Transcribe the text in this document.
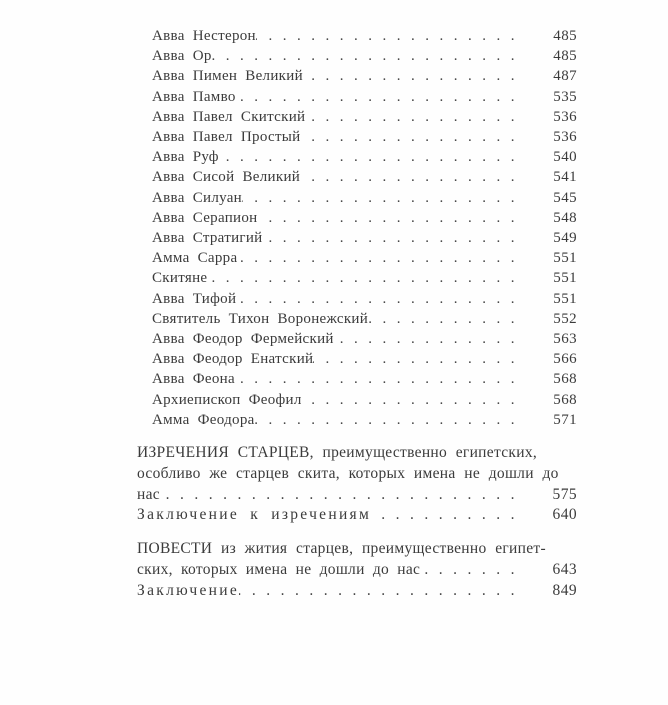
Авва Нестерон .....	485
Авва Ор .....	485
Авва Пимен Великий .....	487
Авва Памво .....	535
Авва Павел Скитский .....	536
Авва Павел Простый .....	536
Авва Руф .....	540
Авва Сисой Великий .....	541
Авва Силуан .....	545
Авва Серапион .....	548
Авва Стратигий .....	549
Амма Сарра .....	551
Скитяне .....	551
Авва Тифой .....	551
Святитель Тихон Воронежский .....	552
Авва Феодор Фермейский .....	563
Авва Феодор Енатский .....	566
Авва Феона .....	568
Архиепископ Феофил .....	568
Амма Феодора .....	571
ИЗРЕЧЕНИЯ СТАРЦЕВ, преимущественно египетских,
особливо же старцев скита, которых имена не дошли до
нас .....	575
Заключение к изречениям .....	640
ПОВЕСТИ из жития старцев, преимущественно египет-
ских, которых имена не дошли до нас .....	643
Заключение .....	849
